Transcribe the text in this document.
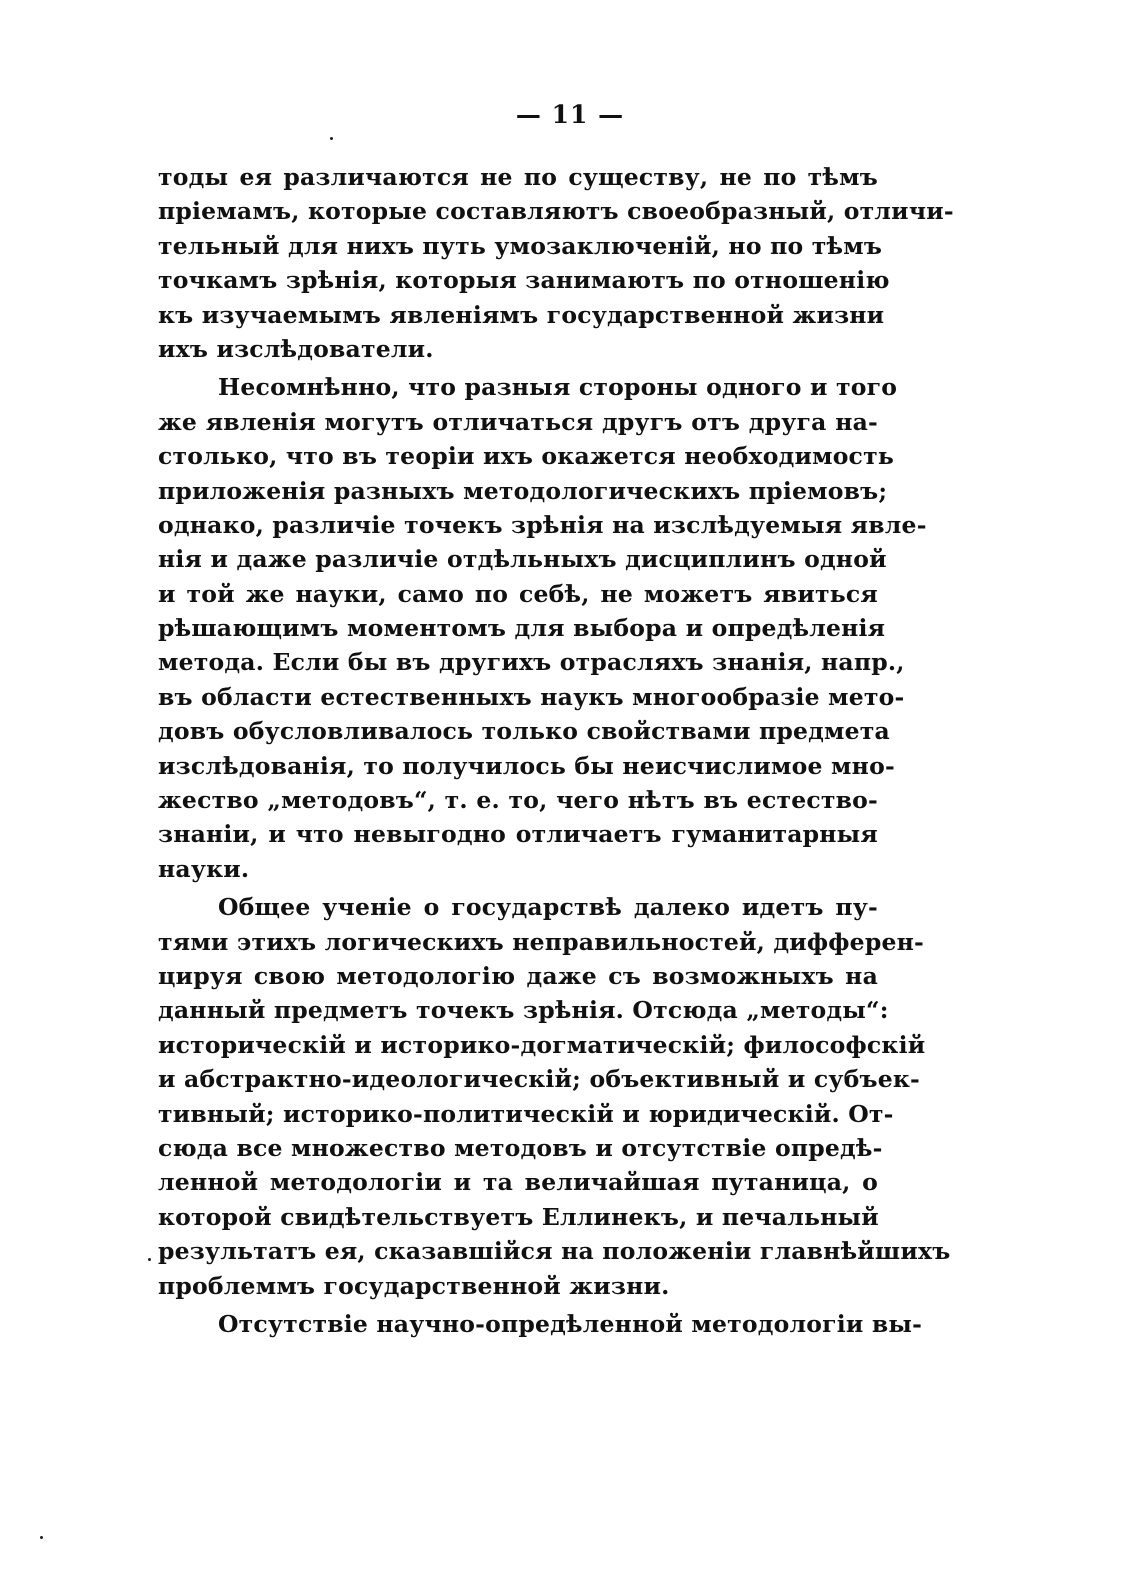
— 11 —
тоды ея различаются не по существу, не по тѣмъ
пріемамъ, которые составляютъ своеобразный, отличи-
тельный для нихъ путь умозаключеній, но по тѣмъ
точкамъ зрѣнія, которыя занимаютъ по отношенію
къ изучаемымъ явленіямъ государственной жизни
ихъ изслѣдователи.
Несомнѣнно, что разныя стороны одного и того
же явленія могутъ отличаться другъ отъ друга на-
столько, что въ теоріи ихъ окажется необходимость
приложенія разныхъ методологическихъ пріемовъ;
однако, различіе точекъ зрѣнія на изслѣдуемыя явле-
нія и даже различіе отдѣльныхъ дисциплинъ одной
и той же науки, само по себѣ, не можетъ явиться
рѣшающимъ моментомъ для выбора и опредѣленія
метода. Если бы въ другихъ отрасляхъ знанія, напр.,
въ области естественныхъ наукъ многообразіе мето-
довъ обусловливалось только свойствами предмета
изслѣдованія, то получилось бы неисчислимое мно-
жество „методовъ“, т. е. то, чего нѣтъ въ естество-
знаніи, и что невыгодно отличаетъ гуманитарныя
науки.
Общее ученіе о государствѣ далеко идетъ пу-
тями этихъ логическихъ неправильностей, дифферен-
цируя свою методологію даже съ возможныхъ на
данный предметъ точекъ зрѣнія. Отсюда „методы“:
историческій и историко-догматическій; философскій
и абстрактно-идеологическій; объективный и субъек-
тивный; историко-политическій и юридическій. От-
сюда все множество методовъ и отсутствіе опредѣ-
ленной методологіи и та величайшая путаница, о
которой свидѣтельствуетъ Еллинекъ, и печальный
результатъ ея, сказавшійся на положеніи главнѣйшихъ
проблеммъ государственной жизни.
Отсутствіе научно-опредѣленной методологіи вы-
